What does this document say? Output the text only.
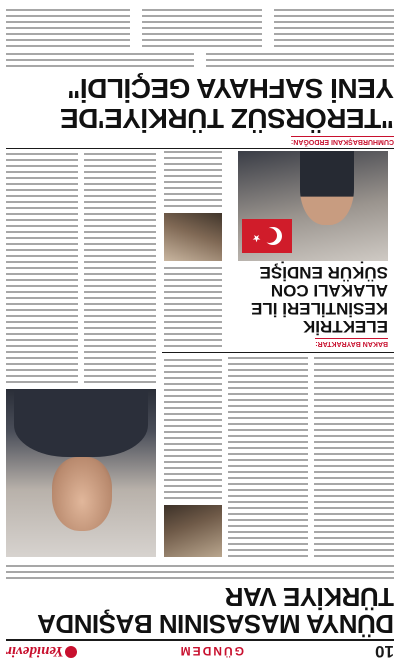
10
GÜNDEM
Yenidevir
DÜNYA MASASININ BAŞINDA TÜRKİYE VAR
BAKAN BAYRAKTAR:
ELEKTRİK KESİNTİLERİ İLE ALAKALI CON SÜKÜR ENDİŞE
★
CUMHURBAŞKANI ERDOĞAN:
"TERÖRSÜZ TÜRKİYE'DE YENİ SAFHAYA GEÇİLDİ"
